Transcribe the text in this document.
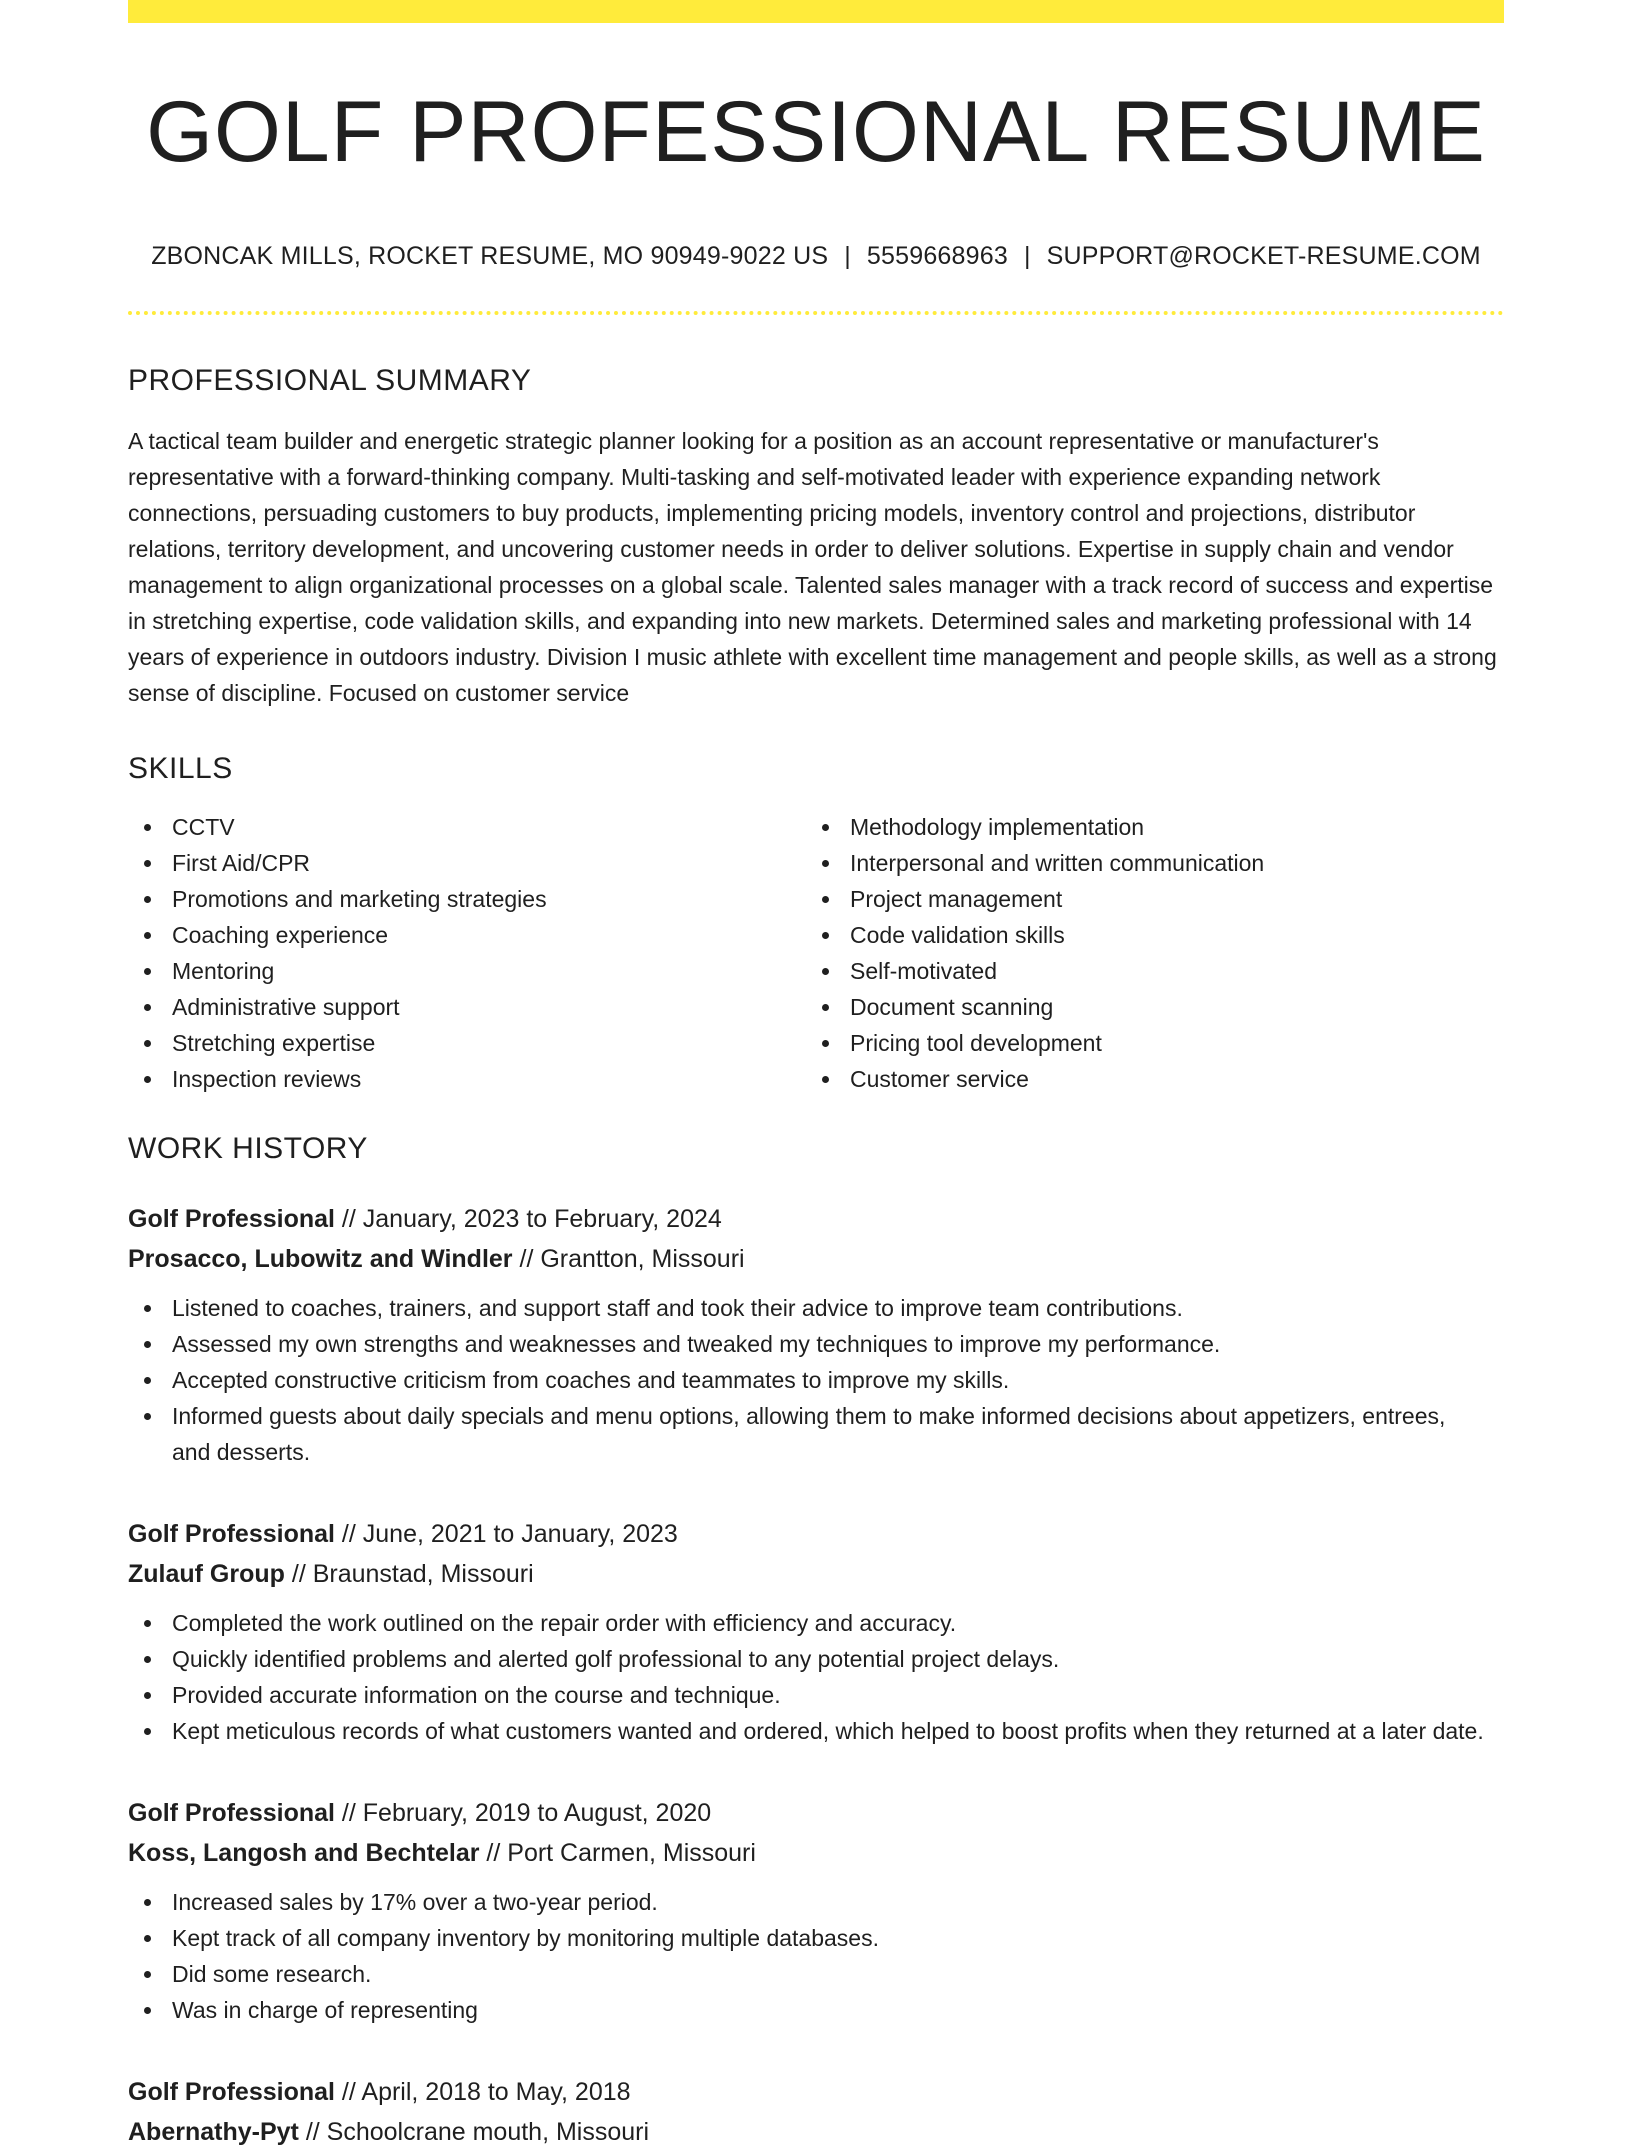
GOLF PROFESSIONAL RESUME
ZBONCAK MILLS, ROCKET RESUME, MO 90949-9022 US | 5559668963 | SUPPORT@ROCKET-RESUME.COM
PROFESSIONAL SUMMARY
A tactical team builder and energetic strategic planner looking for a position as an account representative or manufacturer's representative with a forward-thinking company. Multi-tasking and self-motivated leader with experience expanding network connections, persuading customers to buy products, implementing pricing models, inventory control and projections, distributor relations, territory development, and uncovering customer needs in order to deliver solutions. Expertise in supply chain and vendor management to align organizational processes on a global scale. Talented sales manager with a track record of success and expertise in stretching expertise, code validation skills, and expanding into new markets. Determined sales and marketing professional with 14 years of experience in outdoors industry. Division I music athlete with excellent time management and people skills, as well as a strong sense of discipline. Focused on customer service
SKILLS
CCTV
First Aid/CPR
Promotions and marketing strategies
Coaching experience
Mentoring
Administrative support
Stretching expertise
Inspection reviews
Methodology implementation
Interpersonal and written communication
Project management
Code validation skills
Self-motivated
Document scanning
Pricing tool development
Customer service
WORK HISTORY
Golf Professional // January, 2023 to February, 2024
Prosacco, Lubowitz and Windler // Grantton, Missouri
Listened to coaches, trainers, and support staff and took their advice to improve team contributions.
Assessed my own strengths and weaknesses and tweaked my techniques to improve my performance.
Accepted constructive criticism from coaches and teammates to improve my skills.
Informed guests about daily specials and menu options, allowing them to make informed decisions about appetizers, entrees, and desserts.
Golf Professional // June, 2021 to January, 2023
Zulauf Group // Braunstad, Missouri
Completed the work outlined on the repair order with efficiency and accuracy.
Quickly identified problems and alerted golf professional to any potential project delays.
Provided accurate information on the course and technique.
Kept meticulous records of what customers wanted and ordered, which helped to boost profits when they returned at a later date.
Golf Professional // February, 2019 to August, 2020
Koss, Langosh and Bechtelar // Port Carmen, Missouri
Increased sales by 17% over a two-year period.
Kept track of all company inventory by monitoring multiple databases.
Did some research.
Was in charge of representing
Golf Professional // April, 2018 to May, 2018
Abernathy-Pyt // Schoolcrane mouth, Missouri
